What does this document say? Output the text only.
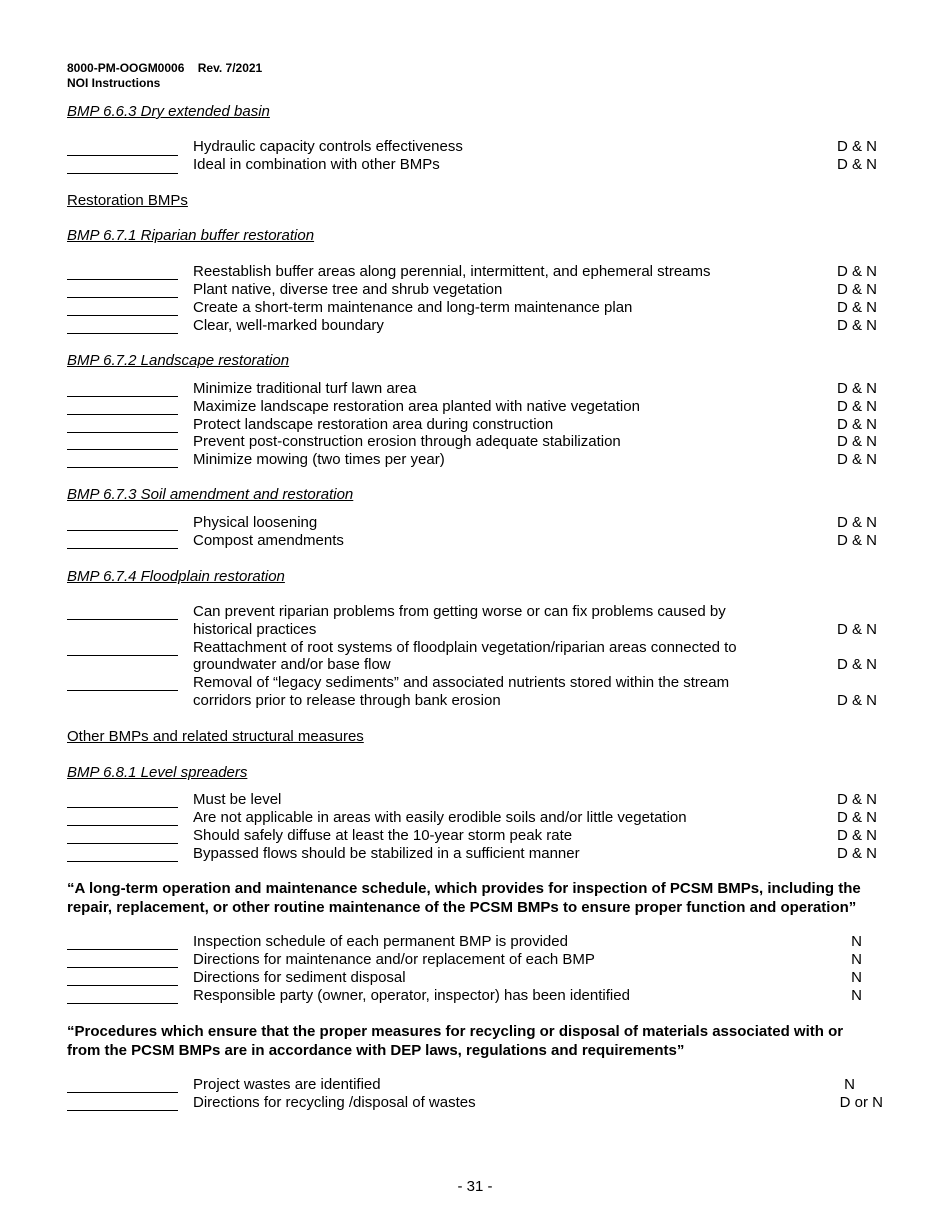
8000-PM-OOGM0006 Rev. 7/2021
NOI Instructions
BMP 6.6.3 Dry extended basin
Hydraulic capacity controls effectiveness	D & N
Ideal in combination with other BMPs	D & N
Restoration BMPs
BMP 6.7.1 Riparian buffer restoration
Reestablish buffer areas along perennial, intermittent, and ephemeral streams	D & N
Plant native, diverse tree and shrub vegetation	D & N
Create a short-term maintenance and long-term maintenance plan	D & N
Clear, well-marked boundary	D & N
BMP 6.7.2 Landscape restoration
Minimize traditional turf lawn area	D & N
Maximize landscape restoration area planted with native vegetation	D & N
Protect landscape restoration area during construction	D & N
Prevent post-construction erosion through adequate stabilization	D & N
Minimize mowing (two times per year)	D & N
BMP 6.7.3 Soil amendment and restoration
Physical loosening	D & N
Compost amendments	D & N
BMP 6.7.4 Floodplain restoration
Can prevent riparian problems from getting worse or can fix problems caused by
historical practices	D & N
Reattachment of root systems of floodplain vegetation/riparian areas connected to
groundwater and/or base flow	D & N
Removal of “legacy sediments” and associated nutrients stored within the stream
corridors prior to release through bank erosion	D & N
Other BMPs and related structural measures
BMP 6.8.1 Level spreaders
Must be level	D & N
Are not applicable in areas with easily erodible soils and/or little vegetation	D & N
Should safely diffuse at least the 10-year storm peak rate	D & N
Bypassed flows should be stabilized in a sufficient manner	D & N
“A long-term operation and maintenance schedule, which provides for inspection of PCSM BMPs, including the
repair, replacement, or other routine maintenance of the PCSM BMPs to ensure proper function and operation”
Inspection schedule of each permanent BMP is provided	N
Directions for maintenance and/or replacement of each BMP	N
Directions for sediment disposal	N
Responsible party (owner, operator, inspector) has been identified	N
“Procedures which ensure that the proper measures for recycling or disposal of materials associated with or
from the PCSM BMPs are in accordance with DEP laws, regulations and requirements”
Project wastes are identified	N
Directions for recycling /disposal of wastes	D or N
- 31 -
